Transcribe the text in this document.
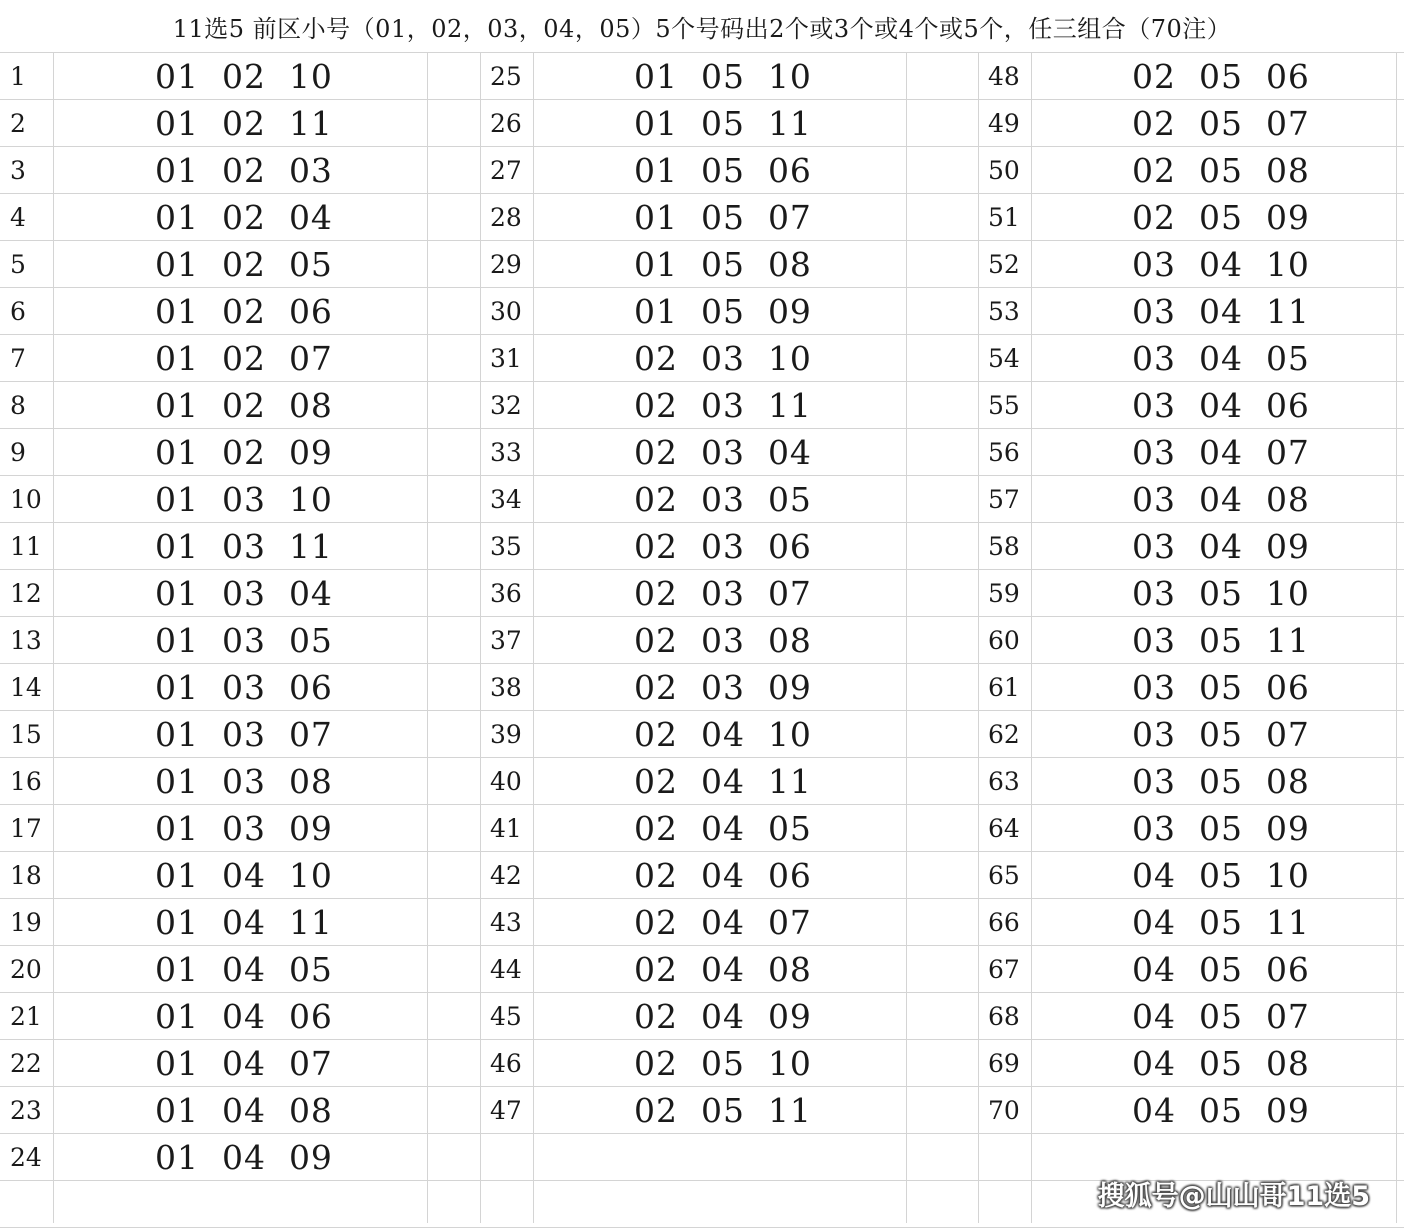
11选5 前区小号（01，02，03，04，05）5个号码出2个或3个或4个或5个，任三组合（70注）
1	01  02  10
2	01  02  11
3	01  02  03
4	01  02  04
5	01  02  05
6	01  02  06
7	01  02  07
8	01  02  08
9	01  02  09
10	01  03  10
11	01  03  11
12	01  03  04
13	01  03  05
14	01  03  06
15	01  03  07
16	01  03  08
17	01  03  09
18	01  04  10
19	01  04  11
20	01  04  05
21	01  04  06
22	01  04  07
23	01  04  08
24	01  04  09
25	01  05  10
26	01  05  11
27	01  05  06
28	01  05  07
29	01  05  08
30	01  05  09
31	02  03  10
32	02  03  11
33	02  03  04
34	02  03  05
35	02  03  06
36	02  03  07
37	02  03  08
38	02  03  09
39	02  04  10
40	02  04  11
41	02  04  05
42	02  04  06
43	02  04  07
44	02  04  08
45	02  04  09
46	02  05  10
47	02  05  11
48	02  05  06
49	02  05  07
50	02  05  08
51	02  05  09
52	03  04  10
53	03  04  11
54	03  04  05
55	03  04  06
56	03  04  07
57	03  04  08
58	03  04  09
59	03  05  10
60	03  05  11
61	03  05  06
62	03  05  07
63	03  05  08
64	03  05  09
65	04  05  10
66	04  05  11
67	04  05  06
68	04  05  07
69	04  05  08
70	04  05  09
搜狐号@山山哥11选5
